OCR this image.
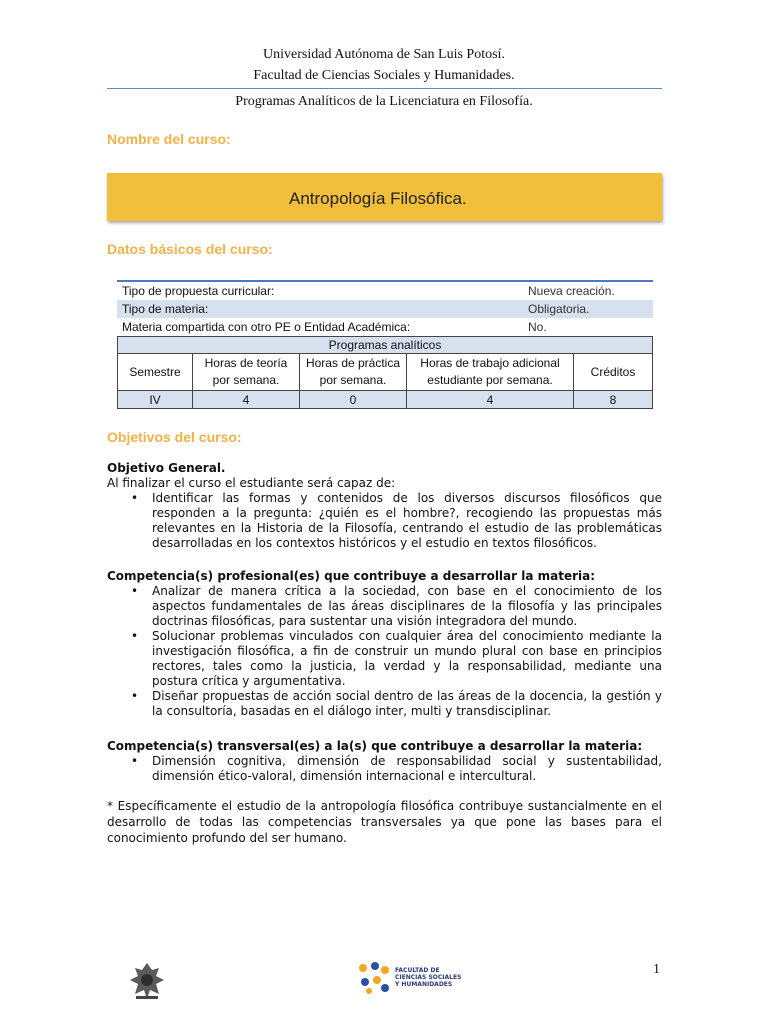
Universidad Autónoma de San Luis Potosí.
Facultad de Ciencias Sociales y Humanidades.
Programas Analíticos de la Licenciatura en Filosofía.
Nombre del curso:
Antropología Filosófica.
Datos básicos del curso:
Tipo de propuesta curricular:	Nueva creación.
Tipo de materia:	Obligatoria.
Materia compartida con otro PE o Entidad Académica:	No.
Programas analíticos				
Semestre	Horas de teoría por semana.	Horas de práctica por semana.	Horas de trabajo adicional estudiante por semana.	Créditos
IV	4	0	4	8
Objetivos del curso:
Objetivo General.
Al finalizar el curso el estudiante será capaz de:
• Identificar las formas y contenidos de los diversos discursos filosóficos que responden a la pregunta: ¿quién es el hombre?, recogiendo las propuestas más relevantes en la Historia de la Filosofía, centrando el estudio de las problemáticas desarrolladas en los contextos históricos y el estudio en textos filosóficos.
Competencia(s) profesional(es) que contribuye a desarrollar la materia:
• Analizar de manera crítica a la sociedad, con base en el conocimiento de los aspectos fundamentales de las áreas disciplinares de la filosofía y las principales doctrinas filosóficas, para sustentar una visión integradora del mundo.
• Solucionar problemas vinculados con cualquier área del conocimiento mediante la investigación filosófica, a fin de construir un mundo plural con base en principios rectores, tales como la justicia, la verdad y la responsabilidad, mediante una postura crítica y argumentativa.
• Diseñar propuestas de acción social dentro de las áreas de la docencia, la gestión y la consultoría, basadas en el diálogo inter, multi y transdisciplinar.
Competencia(s) transversal(es) a la(s) que contribuye a desarrollar la materia:
• Dimensión cognitiva, dimensión de responsabilidad social y sustentabilidad, dimensión ético-valoral, dimensión internacional e intercultural.
* Específicamente el estudio de la antropología filosófica contribuye sustancialmente en el desarrollo de todas las competencias transversales ya que pone las bases para el conocimiento profundo del ser humano.
FACULTAD DE
CIENCIAS SOCIALES
Y HUMANIDADES
1
